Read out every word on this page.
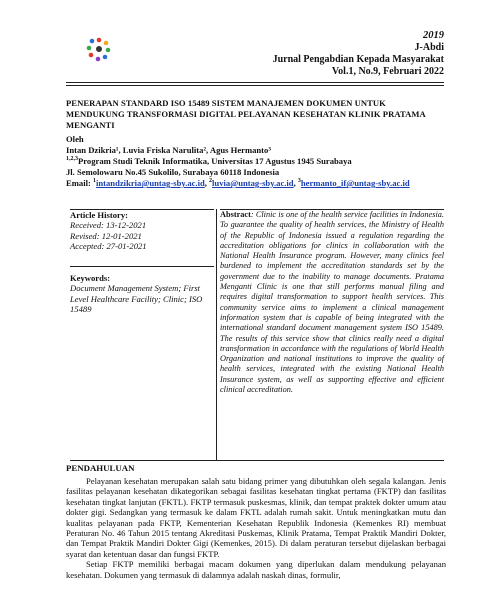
2019
J-Abdi
Jurnal Pengabdian Kepada Masyarakat
Vol.1, No.9, Februari 2022
PENERAPAN STANDARD ISO 15489 SISTEM MANAJEMEN DOKUMEN UNTUK MENDUKUNG TRANSFORMASI DIGITAL PELAYANAN KESEHATAN KLINIK PRATAMA MENGANTI
Oleh
Intan Dzikria¹, Luvia Friska Narulita², Agus Hermanto³
$^{1,2,3}$Program Studi Teknik Informatika, Universitas 17 Agustus 1945 Surabaya
Jl. Semolowaru No.45 Sukolilo, Surabaya 60118 Indonesia
Email: $^1$intandzikria@untag-sby.ac.id, $^2$luvia@untag-sby.ac.id, $^3$hermanto_if@untag-sby.ac.id
Article History:
Received: 13-12-2021
Revised: 12-01-2021
Accepted: 27-01-2021
Keywords:
Document Management System; First Level Healthcare Facility; Clinic; ISO 15489
Abstract: Clinic is one of the health service facilities in Indonesia. To guarantee the quality of health services, the Ministry of Health of the Republic of Indonesia issued a regulation regarding the accreditation obligations for clinics in collaboration with the National Health Insurance program. However, many clinics feel burdened to implement the accreditation standards set by the government due to the inability to manage documents. Pratama Menganti Clinic is one that still performs manual filing and requires digital transformation to support health services. This community service aims to implement a clinical management information system that is capable of being integrated with the international standard document management system ISO 15489. The results of this service show that clinics really need a digital transformation in accordance with the regulations of World Health Organization and national institutions to improve the quality of health services, integrated with the existing National Health Insurance system, as well as supporting effective and efficient clinical accreditation.
PENDAHULUAN

Pelayanan kesehatan merupakan salah satu bidang primer yang dibutuhkan oleh segala kalangan. Jenis fasilitas pelayanan kesehatan dikategorikan sebagai fasilitas kesehatan tingkat pertama (FKTP) dan fasilitas kesehatan tingkat lanjutan (FKTL). FKTP termasuk puskesmas, klinik, dan tempat praktek dokter umum atau dokter gigi. Sedangkan yang termasuk ke dalam FKTL adalah rumah sakit. Untuk meningkatkan mutu dan kualitas pelayanan pada FKTP, Kementerian Kesehatan Republik Indonesia (Kemenkes RI) membuat Peraturan No. 46 Tahun 2015 tentang Akreditasi Puskemas, Klinik Pratama, Tempat Praktik Mandiri Dokter, dan Tempat Praktik Mandiri Dokter Gigi (Kemenkes, 2015). Di dalam peraturan tersebut dijelaskan berbagai syarat dan ketentuan dasar dan fungsi FKTP.

Setiap FKTP memiliki berbagai macam dokumen yang diperlukan dalam mendukung pelayanan kesehatan. Dokumen yang termasuk di dalamnya adalah naskah dinas, formulir,
